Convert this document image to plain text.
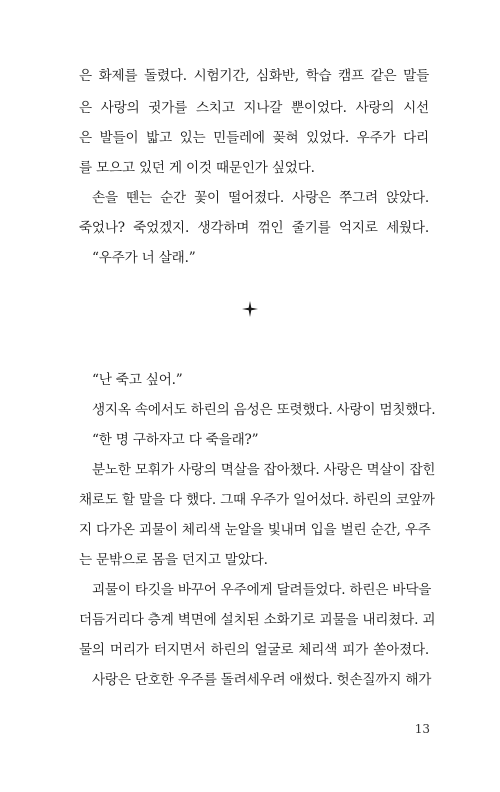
은 화제를 돌렸다. 시험기간, 심화반, 학습 캠프 같은 말들
은 사랑의 귓가를 스치고 지나갈 뿐이었다. 사랑의 시선
은 발들이 밟고 있는 민들레에 꽂혀 있었다. 우주가 다리
를 모으고 있던 게 이것 때문인가 싶었다.
손을 뗀는 순간 꽃이 떨어졌다. 사랑은 쭈그려 앉았다.
죽었나? 죽었겠지. 생각하며 꺾인 줄기를 억지로 세웠다.
“우주가 너 살래.”
“난 죽고 싶어.”
생지옥 속에서도 하린의 음성은 또렷했다. 사랑이 멈칫했다.
“한 명 구하자고 다 죽을래?”
분노한 모휘가 사랑의 멱살을 잡아챘다. 사랑은 멱살이 잡힌
채로도 할 말을 다 했다. 그때 우주가 일어섰다. 하린의 코앞까
지 다가온 괴물이 체리색 눈알을 빛내며 입을 벌린 순간, 우주
는 문밖으로 몸을 던지고 말았다.
괴물이 타깃을 바꾸어 우주에게 달려들었다. 하린은 바닥을
더듬거리다 층계 벽면에 설치된 소화기로 괴물을 내리쳤다. 괴
물의 머리가 터지면서 하린의 얼굴로 체리색 피가 쏟아졌다.
사랑은 단호한 우주를 돌려세우려 애썼다. 헛손질까지 해가
13
